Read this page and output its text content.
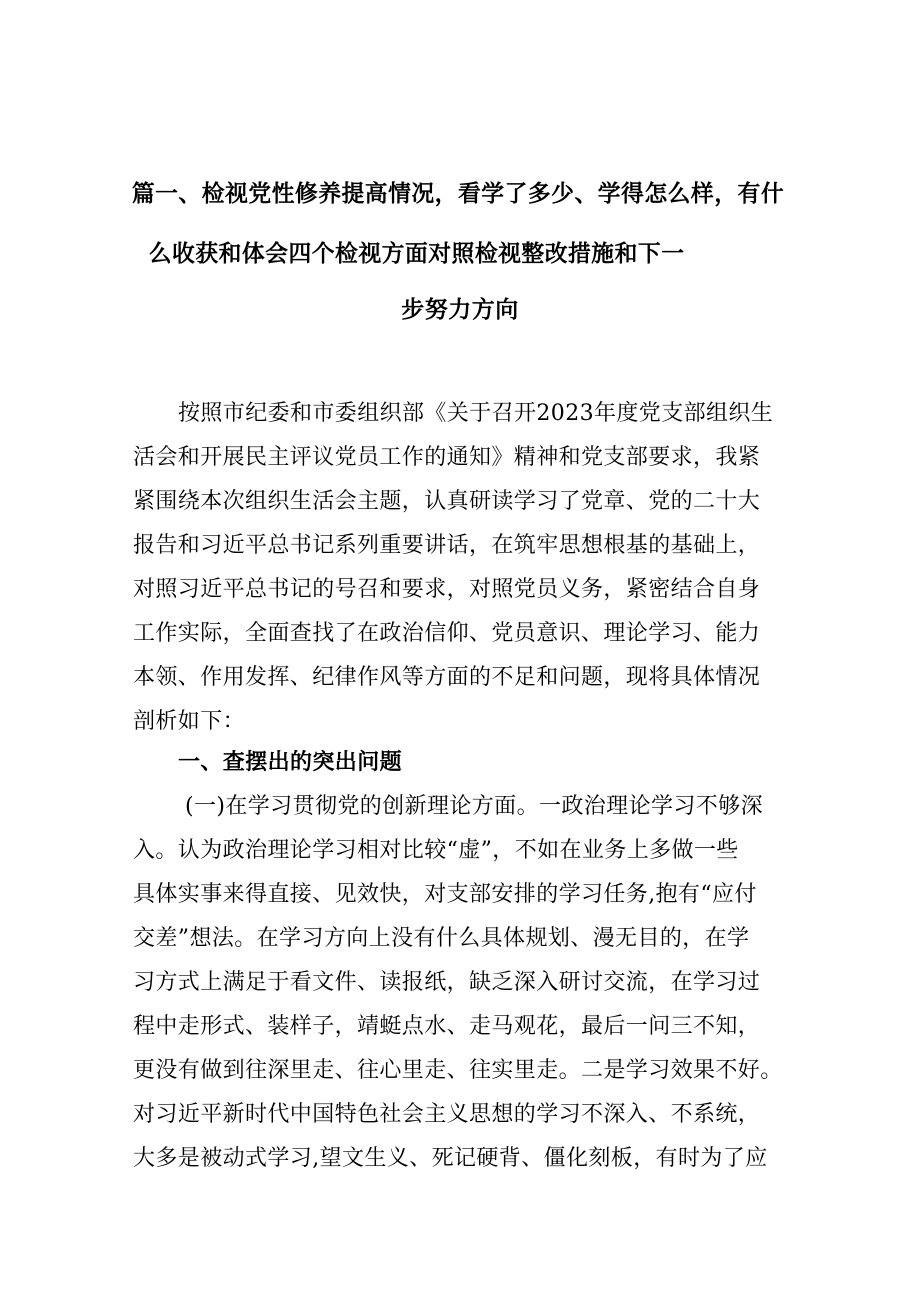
篇一、检视党性修养提高情况，看学了多少、学得怎么样，有什
么收获和体会四个检视方面对照检视整改措施和下一
步努力方向
按照市纪委和市委组织部《关于召开2023年度党支部组织生
活会和开展民主评议党员工作的通知》精神和党支部要求，我紧
紧围绕本次组织生活会主题，认真研读学习了党章、党的二十大
报告和习近平总书记系列重要讲话，在筑牢思想根基的基础上，
对照习近平总书记的号召和要求，对照党员义务，紧密结合自身
工作实际，全面查找了在政治信仰、党员意识、理论学习、能力
本领、作用发挥、纪律作风等方面的不足和问题，现将具体情况
剖析如下：
一、查摆出的突出问题
(一)在学习贯彻党的创新理论方面。一政治理论学习不够深
入。认为政治理论学习相对比较“虚”，不如在业务上多做一些
具体实事来得直接、见效快，对支部安排的学习任务,抱有“应付
交差”想法。在学习方向上没有什么具体规划、漫无目的，在学
习方式上满足于看文件、读报纸，缺乏深入研讨交流，在学习过
程中走形式、装样子，靖蜓点水、走马观花，最后一问三不知，
更没有做到往深里走、往心里走、往实里走。二是学习效果不好。
对习近平新时代中国特色社会主义思想的学习不深入、不系统，
大多是被动式学习,望文生义、死记硬背、僵化刻板，有时为了应
